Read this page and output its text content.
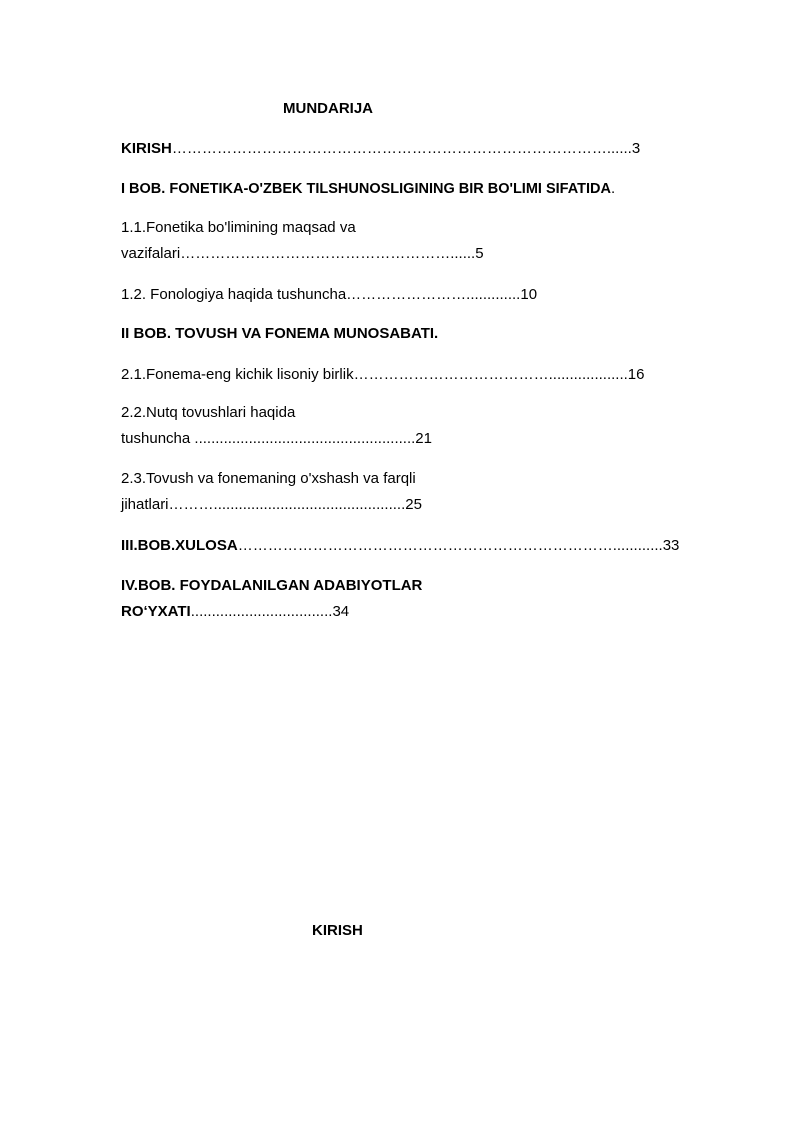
MUNDARIJA
KIRISH……………………………………………………………………………......3
I BOB. FONETIKA-O'ZBEK TILSHUNOSLIGINING BIR BO'LIMI SIFATIDA.
1.1.Fonetika bo'limining maqsad va
vazifalari………………………………………………......5
1.2. Fonologiya haqida tushuncha…………………….............10
II BOB. TOVUSH VA FONEMA MUNOSABATI.
2.1.Fonema-eng kichik lisoniy birlik…………………………………...................16
2.2.Nutq tovushlari haqida
tushuncha .....................................................21
2.3.Tovush va fonemaning o'xshash va farqli
jihatlari………..............................................25
III.BOB.XULOSA…………………………………………………………………............33
IV.BOB. FOYDALANILGAN ADABIYOTLAR
RO‘YXATI..................................34
KIRISH
